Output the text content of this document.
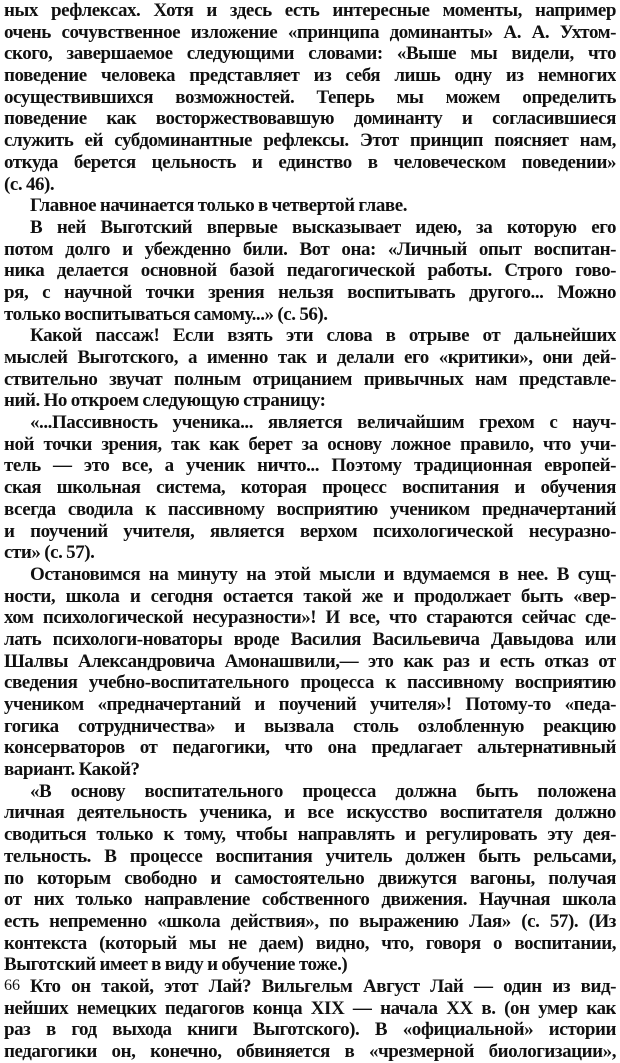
ных рефлексах. Хотя и здесь есть интересные моменты, например
очень сочувственное изложение «принципа доминанты» А. А. Ухтом-
ского, завершаемое следующими словами: «Выше мы видели, что
поведение человека представляет из себя лишь одну из немногих
осуществившихся возможностей. Теперь мы можем определить
поведение как восторжествовавшую доминанту и согласившиеся
служить ей субдоминантные рефлексы. Этот принцип поясняет нам,
откуда берется цельность и единство в человеческом поведении»
(с. 46).
Главное начинается только в четвертой главе.
В ней Выготский впервые высказывает идею, за которую его
потом долго и убежденно били. Вот она: «Личный опыт воспитан-
ника делается основной базой педагогической работы. Строго гово-
ря, с научной точки зрения нельзя воспитывать другого... Можно
только воспитываться самому...» (с. 56).
Какой пассаж! Если взять эти слова в отрыве от дальнейших
мыслей Выготского, а именно так и делали его «критики», они дей-
ствительно звучат полным отрицанием привычных нам представле-
ний. Но откроем следующую страницу:
«...Пассивность ученика... является величайшим грехом с науч-
ной точки зрения, так как берет за основу ложное правило, что учи-
тель — это все, а ученик ничто... Поэтому традиционная европей-
ская школьная система, которая процесс воспитания и обучения
всегда сводила к пассивному восприятию учеником предначертаний
и поучений учителя, является верхом психологической несуразно-
сти» (с. 57).
Остановимся на минуту на этой мысли и вдумаемся в нее. В сущ-
ности, школа и сегодня остается такой же и продолжает быть «вер-
хом психологической несуразности»! И все, что стараются сейчас сде-
лать психологи-новаторы вроде Василия Васильевича Давыдова или
Шалвы Александровича Амонашвили,— это как раз и есть отказ от
сведения учебно-воспитательного процесса к пассивному восприятию
учеником «предначертаний и поучений учителя»! Потому-то «педа-
гогика сотрудничества» и вызвала столь озлобленную реакцию
консерваторов от педагогики, что она предлагает альтернативный
вариант. Какой?
«В основу воспитательного процесса должна быть положена
личная деятельность ученика, и все искусство воспитателя должно
сводиться только к тому, чтобы направлять и регулировать эту дея-
тельность. В процессе воспитания учитель должен быть рельсами,
по которым свободно и самостоятельно движутся вагоны, получая
от них только направление собственного движения. Научная школа
есть непременно «школа действия», по выражению Лая» (с. 57). (Из
контекста (который мы не даем) видно, что, говоря о воспитании,
Выготский имеет в виду и обучение тоже.)
Кто он такой, этот Лай? Вильгельм Август Лай — один из вид-
нейших немецких педагогов конца XIX — начала XX в. (он умер как
раз в год выхода книги Выготского). В «официальной» истории
педагогики он, конечно, обвиняется в «чрезмерной биологизации»,
66
